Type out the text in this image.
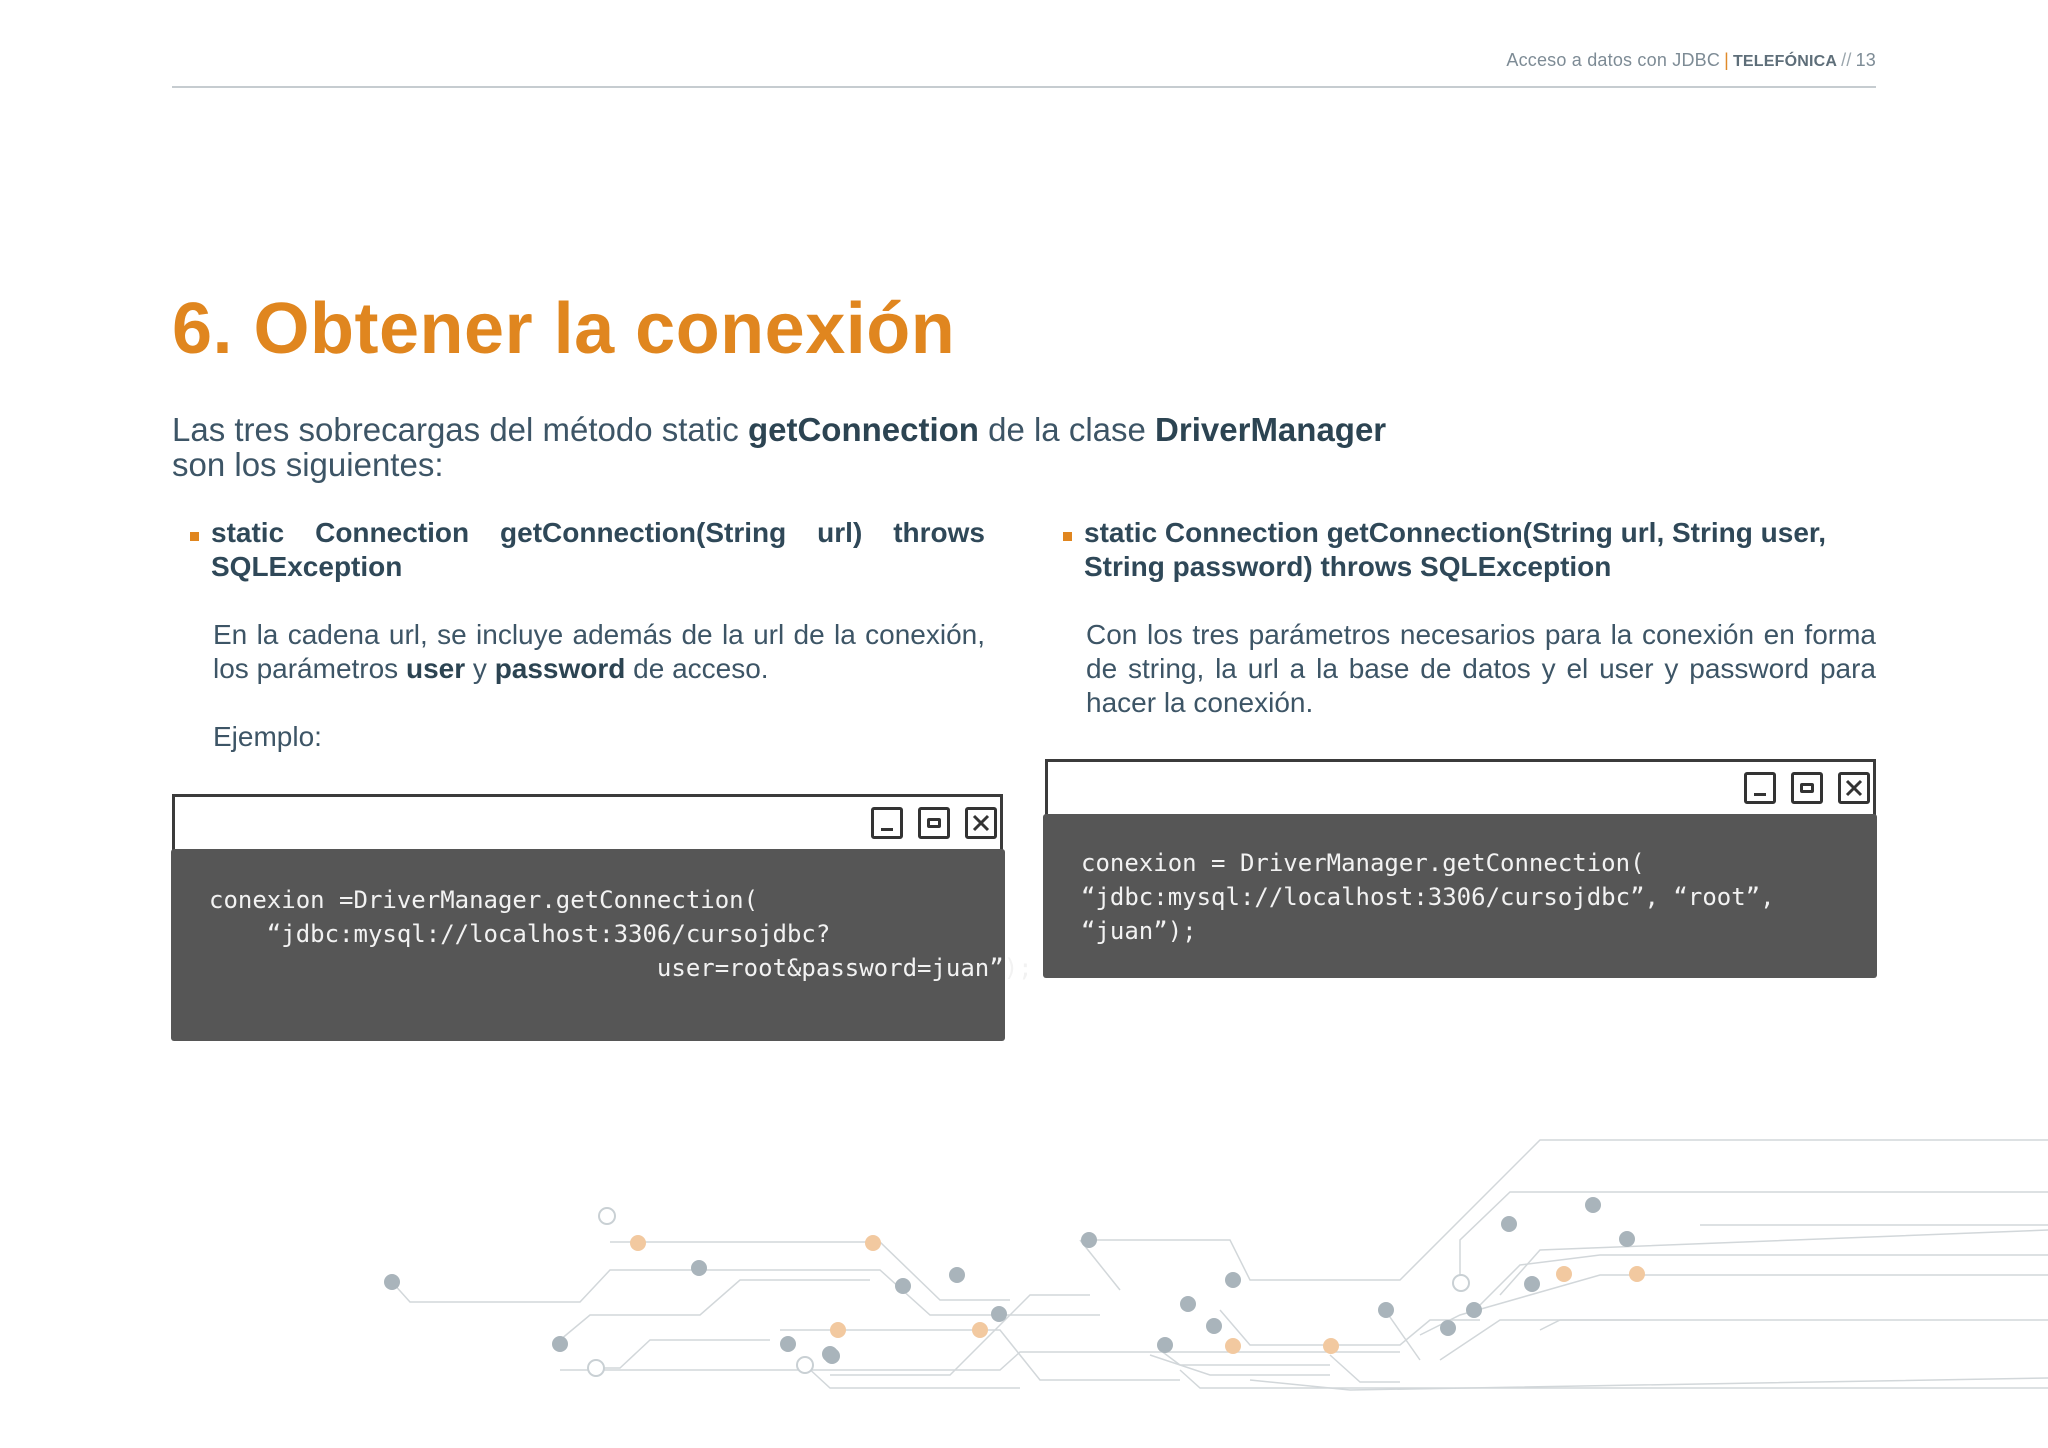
Acceso a datos con JDBC | TELEFÓNICA // 13
6. Obtener la conexión

Las tres sobrecargas del método static getConnection de la clase DriverManager
son los siguientes:

static Connection getConnection(String url) throws SQLException

En la cadena url, se incluye además de la url de la conexión, los parámetros user y password de acceso.

Ejemplo:

conexion =DriverManager.getConnection(
“jdbc:mysql://localhost:3306/cursojdbc?
user=root&password=juan”);

static Connection getConnection(String url, String user, String password) throws SQLException

Con los tres parámetros necesarios para la conexión en forma de string, la url a la base de datos y el user y password para hacer la conexión.

conexion = DriverManager.getConnection(
“jdbc:mysql://localhost:3306/cursojdbc”, “root”,
“juan”);
